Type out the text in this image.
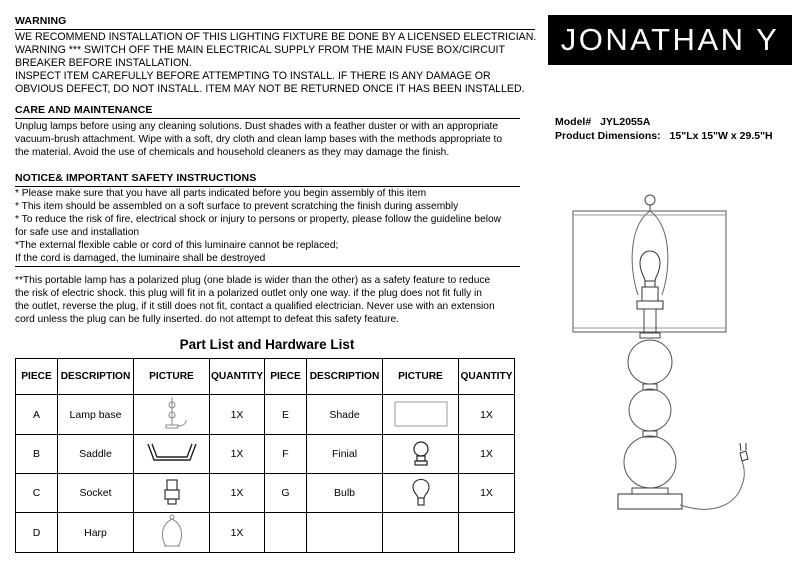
WARNING
WE RECOMMEND INSTALLATION OF THIS LIGHTING FIXTURE BE DONE BY A LICENSED ELECTRICIAN.
WARNING *** SWITCH OFF THE MAIN ELECTRICAL SUPPLY FROM THE MAIN FUSE BOX/CIRCUIT
BREAKER BEFORE INSTALLATION.
INSPECT ITEM CAREFULLY BEFORE ATTEMPTING TO INSTALL. IF THERE IS ANY DAMAGE OR
OBVIOUS DEFECT, DO NOT INSTALL. ITEM MAY NOT BE RETURNED ONCE IT HAS BEEN INSTALLED.
CARE AND MAINTENANCE
Unplug lamps before using any cleaning solutions. Dust shades with a feather duster or with an appropriate
vacuum-brush attachment. Wipe with a soft, dry cloth and clean lamp bases with the methods appropriate to
the material. Avoid the use of chemicals and household cleaners as they may damage the finish.
NOTICE& IMPORTANT SAFETY INSTRUCTIONS
* Please make sure that you have all parts indicated before you begin assembly of this item
* This item should be assembled on a soft surface to prevent scratching the finish during assembly
* To reduce the risk of fire, electrical shock or injury to persons or property, please follow the guideline below
for safe use and installation
*The external flexible cable or cord of this luminaire cannot be replaced;
If the cord is damaged, the luminaire shall be destroyed
**This portable lamp has a polarized plug (one blade is wider than the other) as a safety feature to reduce
the risk of electric shock. this plug will fit in a polarized outlet only one way. if the plug does not fit fully in
the outlet, reverse the plug, if it still does not fit, contact a qualified electrician. Never use with an extension
cord unless the plug can be fully inserted. do not attempt to defeat this safety feature.
JONATHAN Y
Model# JYL2055A
Product Dimensions: 15"Lx 15"W x 29.5"H
Part List and Hardware List
PIECE	DESCRIPTION	PICTURE	QUANTITY	PIECE	DESCRIPTION	PICTURE	QUANTITY
A	Lamp base		1X	E	Shade		1X
B	Saddle		1X	F	Finial		1X
C	Socket		1X	G	Bulb		1X
D	Harp		1X				
